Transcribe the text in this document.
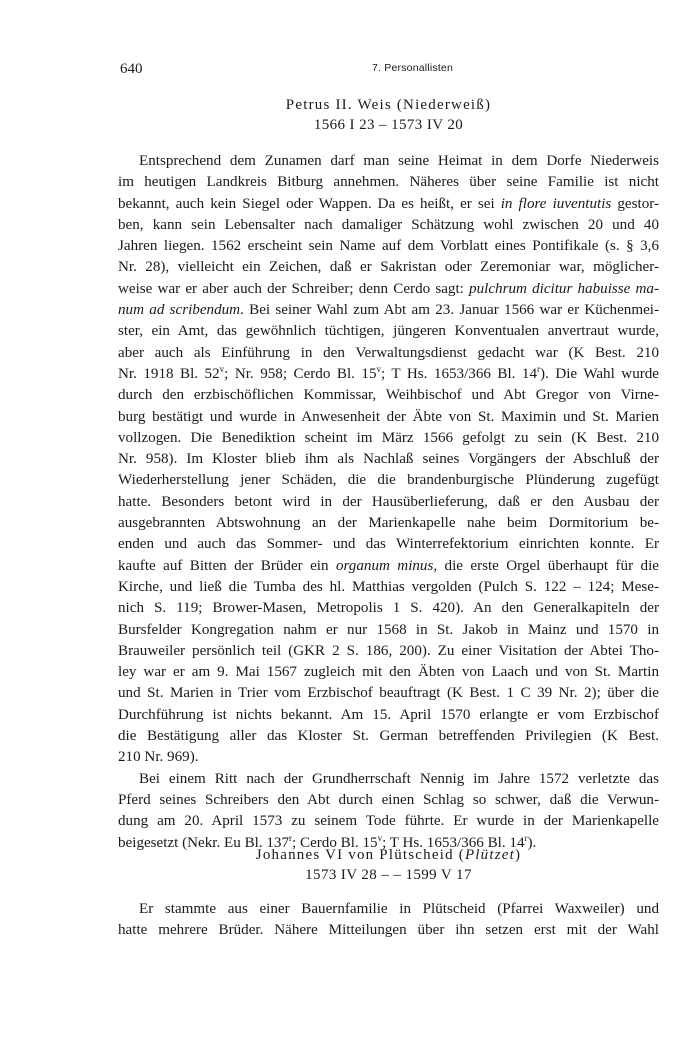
640	7. Personallisten
Petrus II. Weis (Niederweiß)
1566 I 23 – 1573 IV 20
Entsprechend dem Zunamen darf man seine Heimat in dem Dorfe Niederweis
im heutigen Landkreis Bitburg annehmen. Näheres über seine Familie ist nicht
bekannt, auch kein Siegel oder Wappen. Da es heißt, er sei in flore iuventutis gestor-
ben, kann sein Lebensalter nach damaliger Schätzung wohl zwischen 20 und 40
Jahren liegen. 1562 erscheint sein Name auf dem Vorblatt eines Pontifikale (s. § 3,6
Nr. 28), vielleicht ein Zeichen, daß er Sakristan oder Zeremoniar war, möglicher-
weise war er aber auch der Schreiber; denn Cerdo sagt: pulchrum dicitur habuisse ma-
num ad scribendum. Bei seiner Wahl zum Abt am 23. Januar 1566 war er Küchenmei-
ster, ein Amt, das gewöhnlich tüchtigen, jüngeren Konventualen anvertraut wurde,
aber auch als Einführung in den Verwaltungsdienst gedacht war (K Best. 210
Nr. 1918 Bl. 52$^v$; Nr. 958; Cerdo Bl. 15$^v$; T Hs. 1653/366 Bl. 14$^r$). Die Wahl wurde
durch den erzbischöflichen Kommissar, Weihbischof und Abt Gregor von Virne-
burg bestätigt und wurde in Anwesenheit der Äbte von St. Maximin und St. Marien
vollzogen. Die Benediktion scheint im März 1566 gefolgt zu sein (K Best. 210
Nr. 958). Im Kloster blieb ihm als Nachlaß seines Vorgängers der Abschluß der
Wiederherstellung jener Schäden, die die brandenburgische Plünderung zugefügt
hatte. Besonders betont wird in der Hausüberlieferung, daß er den Ausbau der
ausgebrannten Abtswohnung an der Marienkapelle nahe beim Dormitorium be-
enden und auch das Sommer- und das Winterrefektorium einrichten konnte. Er
kaufte auf Bitten der Brüder ein organum minus, die erste Orgel überhaupt für die
Kirche, und ließ die Tumba des hl. Matthias vergolden (Pulch S. 122 – 124; Mese-
nich S. 119; Brower-Masen, Metropolis 1 S. 420). An den Generalkapiteln der
Bursfelder Kongregation nahm er nur 1568 in St. Jakob in Mainz und 1570 in
Brauweiler persönlich teil (GKR 2 S. 186, 200). Zu einer Visitation der Abtei Tho-
ley war er am 9. Mai 1567 zugleich mit den Äbten von Laach und von St. Martin
und St. Marien in Trier vom Erzbischof beauftragt (K Best. 1 C 39 Nr. 2); über die
Durchführung ist nichts bekannt. Am 15. April 1570 erlangte er vom Erzbischof
die Bestätigung aller das Kloster St. German betreffenden Privilegien (K Best.
210 Nr. 969).
Bei einem Ritt nach der Grundherrschaft Nennig im Jahre 1572 verletzte das
Pferd seines Schreibers den Abt durch einen Schlag so schwer, daß die Verwun-
dung am 20. April 1573 zu seinem Tode führte. Er wurde in der Marienkapelle
beigesetzt (Nekr. Eu Bl. 137$^r$; Cerdo Bl. 15$^v$; T Hs. 1653/366 Bl. 14$^r$).
Johannes VI von Plütscheid (Plützet)
1573 IV 28 – – 1599 V 17
Er stammte aus einer Bauernfamilie in Plütscheid (Pfarrei Waxweiler) und
hatte mehrere Brüder. Nähere Mitteilungen über ihn setzen erst mit der Wahl
